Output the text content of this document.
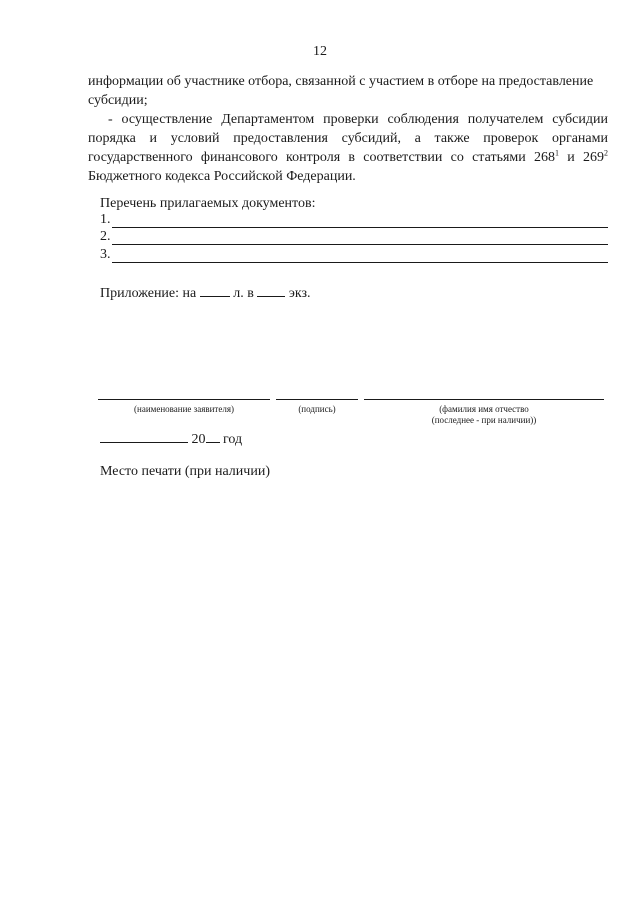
12
информации об участнике отбора, связанной с участием в отборе на предоставление субсидии;
- осуществление Департаментом проверки соблюдения получателем субсидии
порядка и условий предоставления субсидий, а также проверок органами
государственного финансового контроля в соответствии со статьями $268^1$ и $269^2$
Бюджетного кодекса Российской Федерации.
Перечень прилагаемых документов:
1.
2.
3.
Приложение: на  л. в  экз.
(наименование заявителя)	(подпись)	(фамилия имя отчество
(последнее - при наличии))
20 год
Место печати (при наличии)
